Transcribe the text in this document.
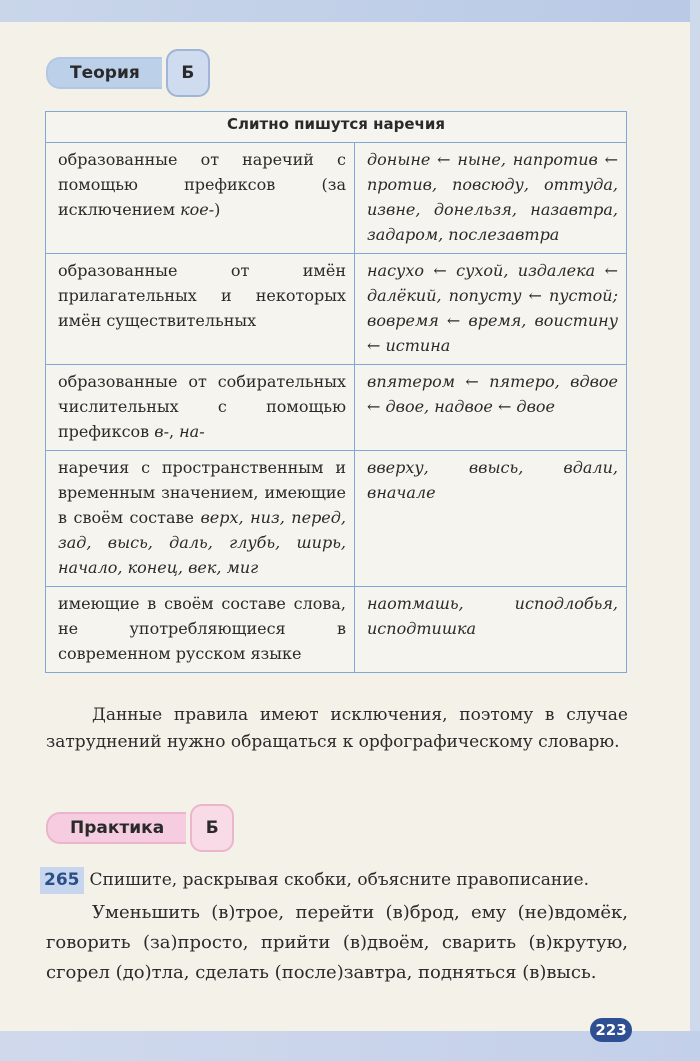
Теория	Б
Слитно пишутся наречия	
образованные от наречий с помощью префиксов (за исключением кое-)	доныне ← ныне, напротив ← против, повсюду, оттуда, извне, донельзя, назавтра, задаром, послезавтра
образованные от имён прилагательных и некоторых имён существительных	насухо ← сухой, издалека ← далёкий, попусту ← пустой; вовремя ← время, воистину ← истина
образованные от собирательных числительных с помощью префиксов в-, на-	впятером ← пятеро, вдвое ← двое, надвое ← двое
наречия с пространственным и временным значением, имеющие в своём составе верх, низ, перед, зад, высь, даль, глубь, ширь, начало, конец, век, миг	вверху, ввысь, вдали, вначале
имеющие в своём составе слова, не употребляющиеся в современном русском языке	наотмашь, исподлобья, исподтишка
Данные правила имеют исключения, поэтому в случае затруднений нужно обращаться к орфографическому словарю.
Практика	Б
265 Спишите, раскрывая скобки, объясните правописание.
Уменьшить (в)трое, перейти (в)брод, ему (не)вдомёк, говорить (за)просто, прийти (в)двоём, сварить (в)крутую, сгорел (до)тла, сделать (после)завтра, подняться (в)высь.
223
